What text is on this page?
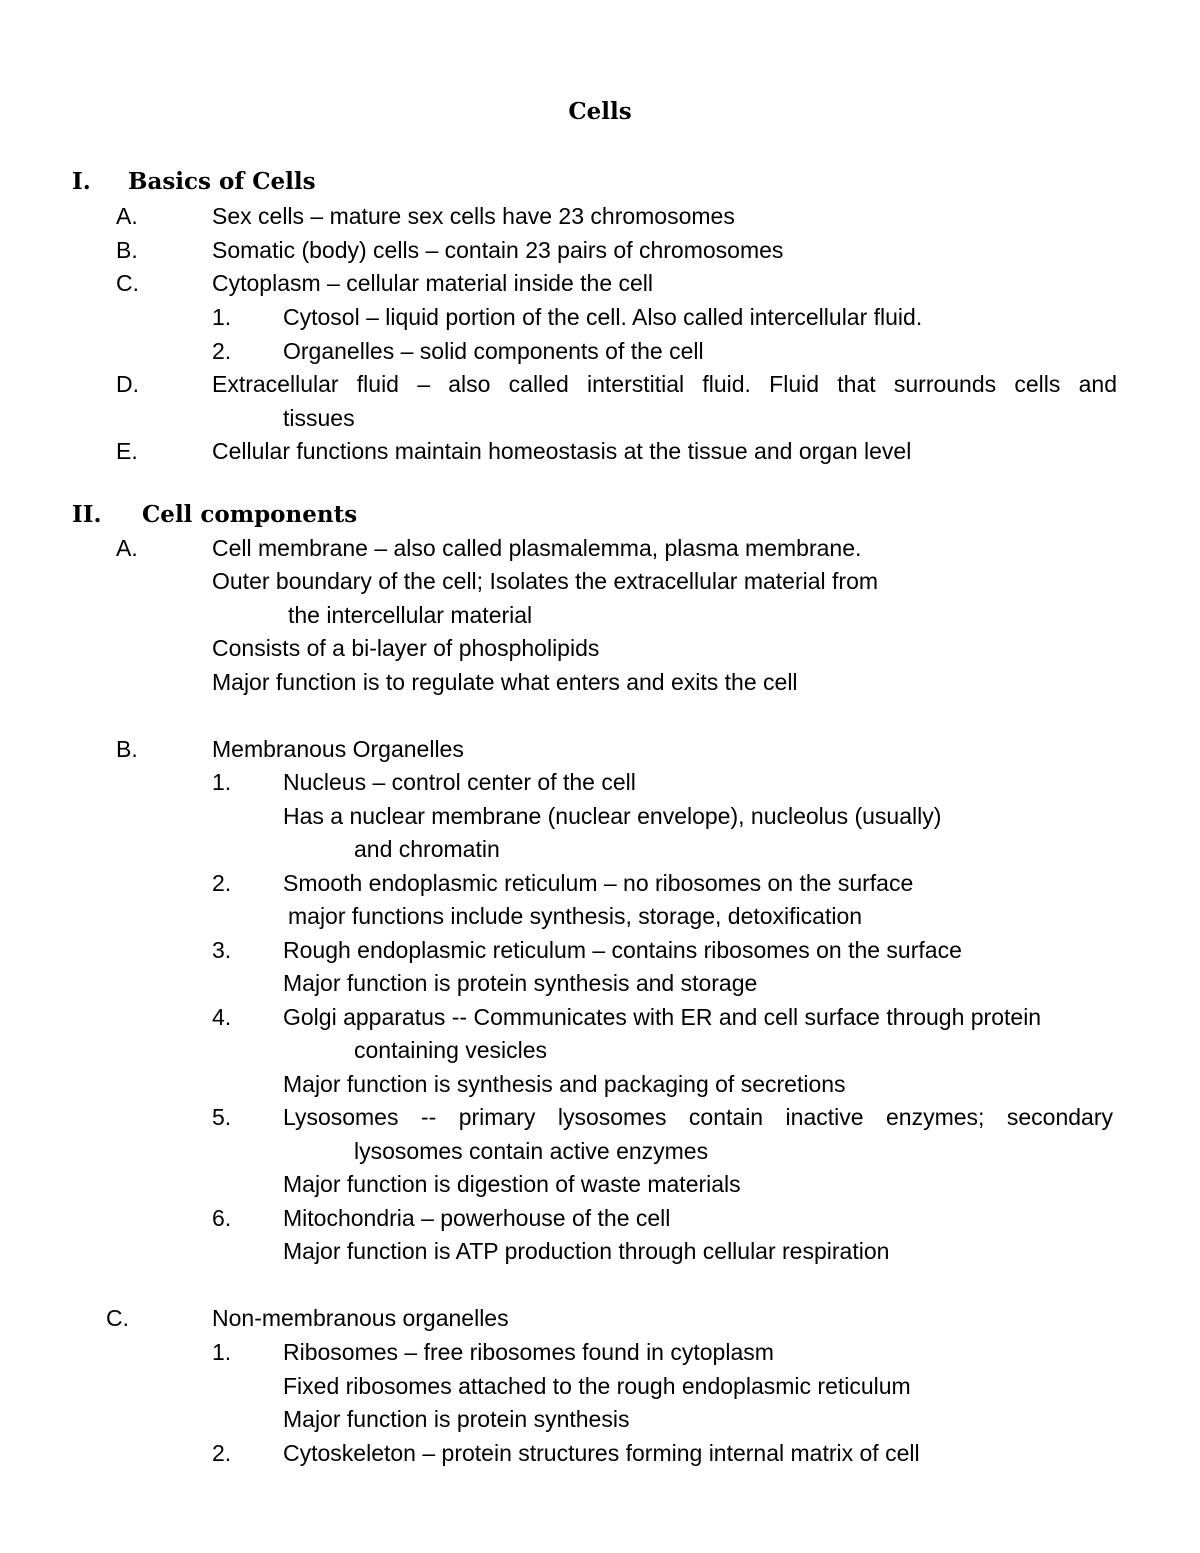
Cells
I. Basics of Cells
A.	Sex cells – mature sex cells have 23 chromosomes
B.	Somatic (body) cells – contain 23 pairs of chromosomes
C.	Cytoplasm – cellular material inside the cell
1. Cytosol – liquid portion of the cell. Also called intercellular fluid.
2. Organelles – solid components of the cell
D.	Extracellular fluid – also called interstitial fluid. Fluid that surrounds cells and
tissues
E.	Cellular functions maintain homeostasis at the tissue and organ level
II. Cell components
A.	Cell membrane – also called plasmalemma, plasma membrane.
Outer boundary of the cell; Isolates the extracellular material from
the intercellular material
Consists of a bi-layer of phospholipids
Major function is to regulate what enters and exits the cell
B.	Membranous Organelles
1. Nucleus – control center of the cell
Has a nuclear membrane (nuclear envelope), nucleolus (usually)
and chromatin
2. Smooth endoplasmic reticulum – no ribosomes on the surface
major functions include synthesis, storage, detoxification
3. Rough endoplasmic reticulum – contains ribosomes on the surface
Major function is protein synthesis and storage
4. Golgi apparatus -- Communicates with ER and cell surface through protein
containing vesicles
Major function is synthesis and packaging of secretions
5. Lysosomes -- primary lysosomes contain inactive enzymes; secondary
lysosomes contain active enzymes
Major function is digestion of waste materials
6. Mitochondria – powerhouse of the cell
Major function is ATP production through cellular respiration
C.	Non-membranous organelles
1. Ribosomes – free ribosomes found in cytoplasm
Fixed ribosomes attached to the rough endoplasmic reticulum
Major function is protein synthesis
2. Cytoskeleton – protein structures forming internal matrix of cell
